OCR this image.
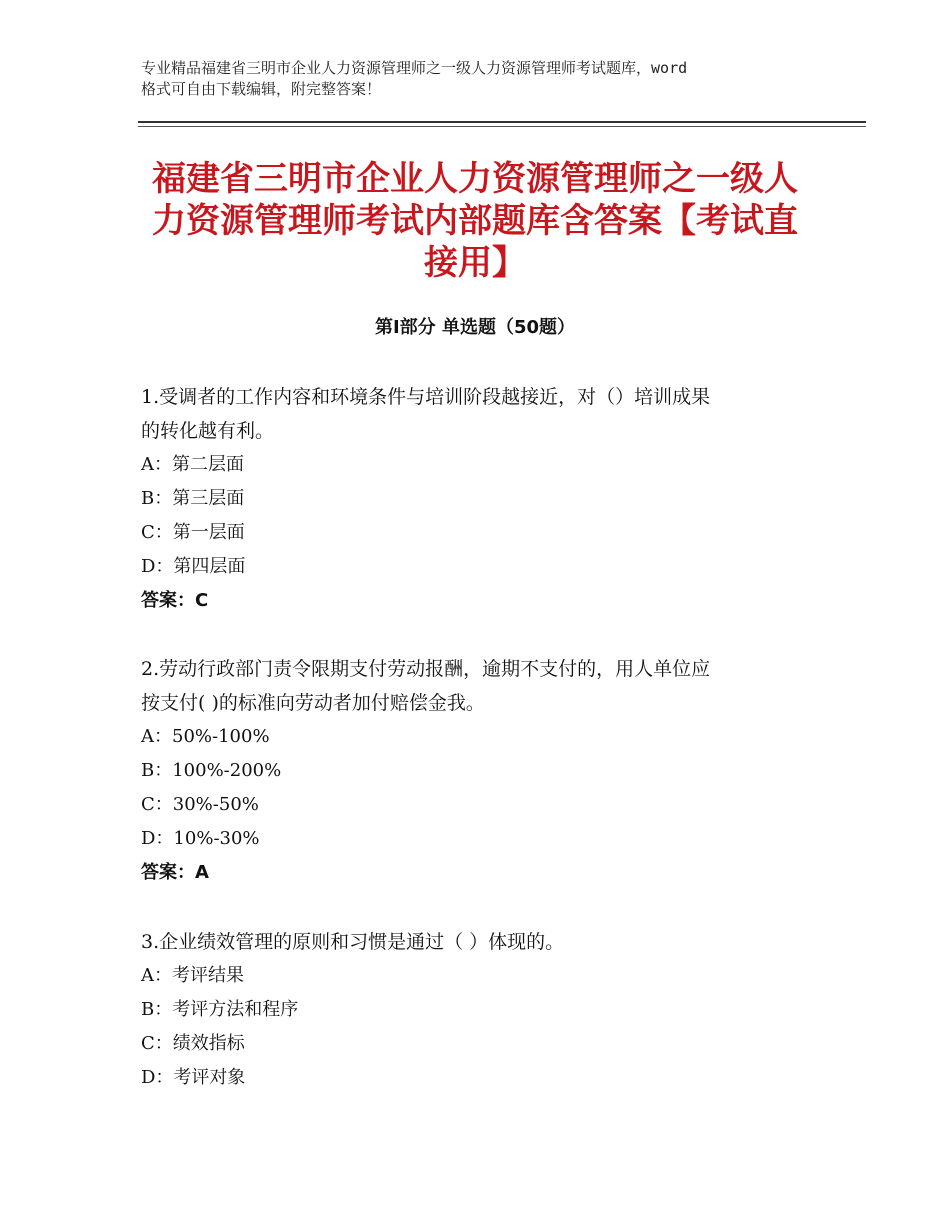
专业精品福建省三明市企业人力资源管理师之一级人力资源管理师考试题库，word
格式可自由下载编辑，附完整答案！
福建省三明市企业人力资源管理师之一级人
力资源管理师考试内部题库含答案【考试直
接用】
第Ⅰ部分 单选题（50题）

1.受调者的工作内容和环境条件与培训阶段越接近，对（）培训成果

的转化越有利。

A：第二层面

B：第三层面

C：第一层面

D：第四层面

答案：C

2.劳动行政部门责令限期支付劳动报酬，逾期不支付的，用人单位应

按支付( )的标准向劳动者加付赔偿金我。

A：50%-100%

B：100%-200%

C：30%-50%

D：10%-30%

答案：A

3.企业绩效管理的原则和习惯是通过（ ）体现的。

A：考评结果

B：考评方法和程序

C：绩效指标

D：考评对象
